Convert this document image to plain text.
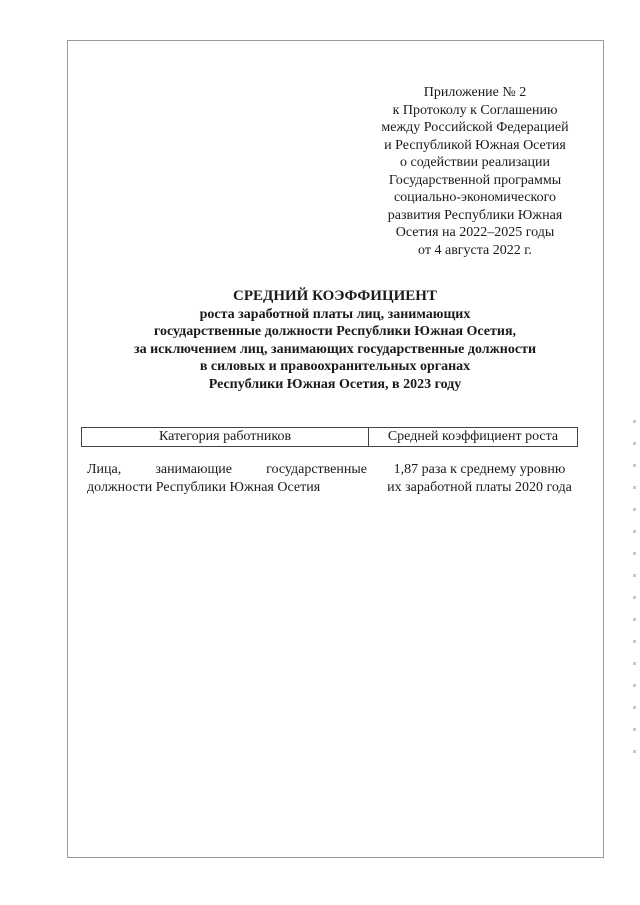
Приложение № 2
к Протоколу к Соглашению
между Российской Федерацией
и Республикой Южная Осетия
о содействии реализации
Государственной программы
социально-экономического
развития Республики Южная
Осетия на 2022–2025 годы
от 4 августа 2022 г.
СРЕДНИЙ КОЭФФИЦИЕНТ
роста заработной платы лиц, занимающих
государственные должности Республики Южная Осетия,
за исключением лиц, занимающих государственные должности
в силовых и правоохранительных органах
Республики Южная Осетия, в 2023 году
Категория работников	Средней коэффициент роста
Лица, занимающие государственные
должности Республики Южная Осетия
1,87 раза к среднему уровню
их заработной платы 2020 года
